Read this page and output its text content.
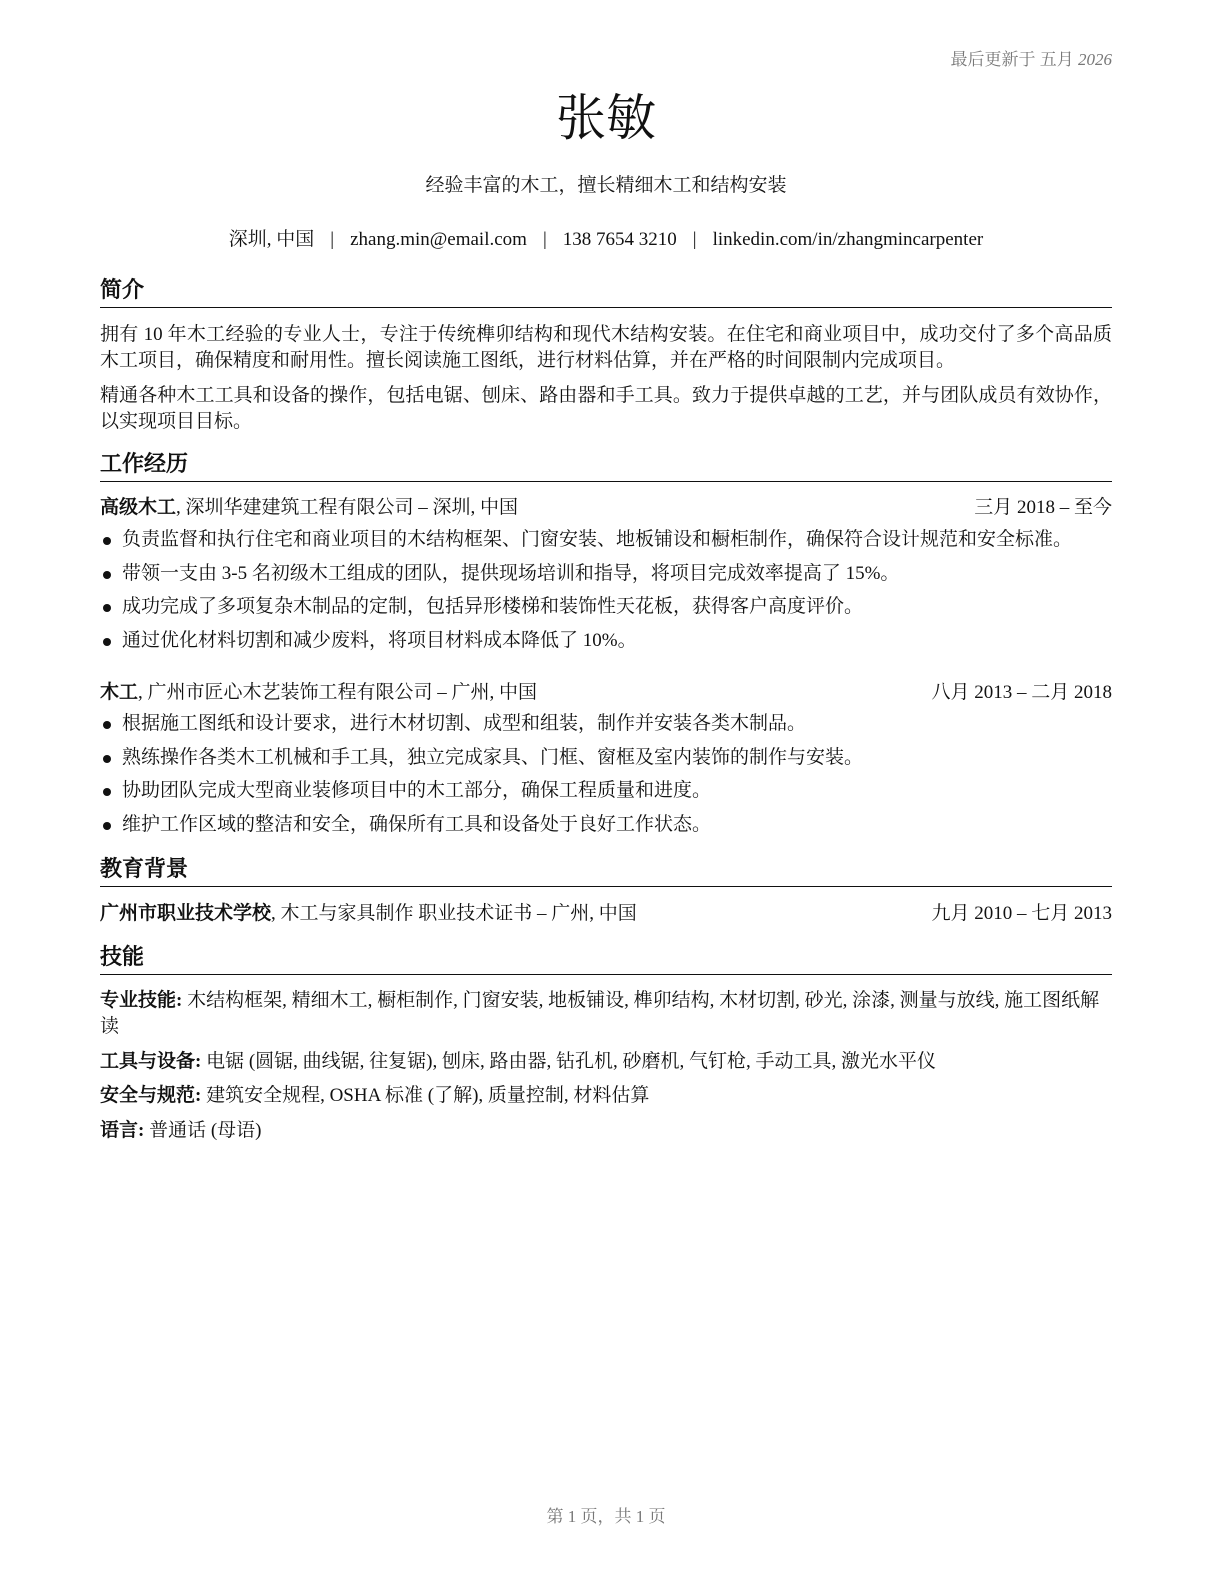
最后更新于 五月 2026
张敏
经验丰富的木工，擅长精细木工和结构安装
深圳, 中国 | zhang.min@email.com | 138 7654 3210 | linkedin.com/in/zhangmincarpenter
简介
拥有 10 年木工经验的专业人士，专注于传统榫卯结构和现代木结构安装。在住宅和商业项目中，成功交付了多个高品质木工项目，确保精度和耐用性。擅长阅读施工图纸，进行材料估算，并在严格的时间限制内完成项目。
精通各种木工工具和设备的操作，包括电锯、刨床、路由器和手工具。致力于提供卓越的工艺，并与团队成员有效协作，以实现项目目标。
工作经历
高级木工, 深圳华建建筑工程有限公司 – 深圳, 中国	三月 2018 – 至今
负责监督和执行住宅和商业项目的木结构框架、门窗安装、地板铺设和橱柜制作，确保符合设计规范和安全标准。
带领一支由 3-5 名初级木工组成的团队，提供现场培训和指导，将项目完成效率提高了 15%。
成功完成了多项复杂木制品的定制，包括异形楼梯和装饰性天花板，获得客户高度评价。
通过优化材料切割和减少废料，将项目材料成本降低了 10%。
木工, 广州市匠心木艺装饰工程有限公司 – 广州, 中国	八月 2013 – 二月 2018
根据施工图纸和设计要求，进行木材切割、成型和组装，制作并安装各类木制品。
熟练操作各类木工机械和手工具，独立完成家具、门框、窗框及室内装饰的制作与安装。
协助团队完成大型商业装修项目中的木工部分，确保工程质量和进度。
维护工作区域的整洁和安全，确保所有工具和设备处于良好工作状态。
教育背景
广州市职业技术学校, 木工与家具制作 职业技术证书 – 广州, 中国	九月 2010 – 七月 2013
技能
专业技能: 木结构框架, 精细木工, 橱柜制作, 门窗安装, 地板铺设, 榫卯结构, 木材切割, 砂光, 涂漆, 测量与放线, 施工图纸解读
工具与设备: 电锯 (圆锯, 曲线锯, 往复锯), 刨床, 路由器, 钻孔机, 砂磨机, 气钉枪, 手动工具, 激光水平仪
安全与规范: 建筑安全规程, OSHA 标准 (了解), 质量控制, 材料估算
语言: 普通话 (母语)
第 1 页，共 1 页
